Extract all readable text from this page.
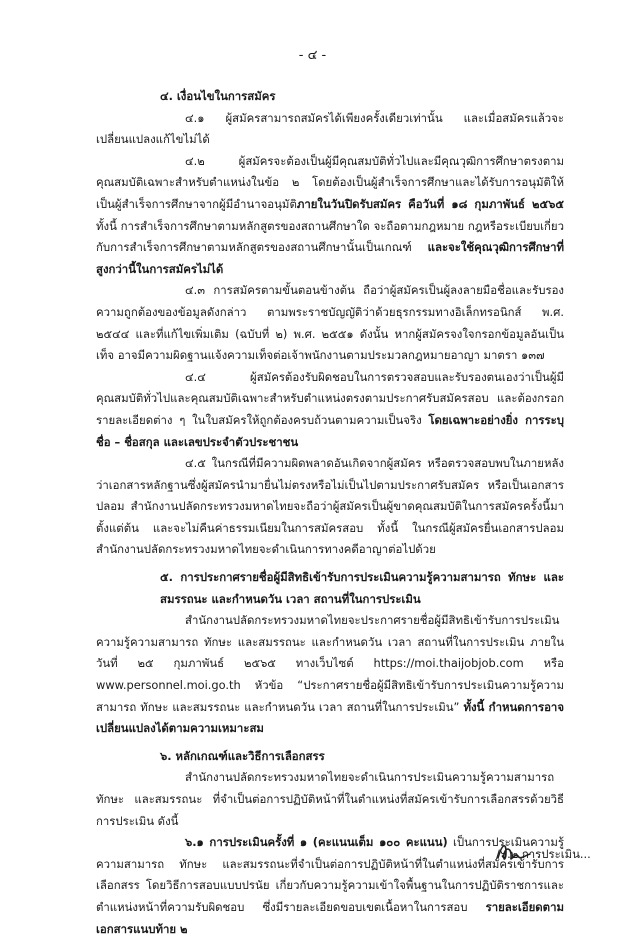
- ๔ -

๔. เงื่อนไขในการสมัคร

๔.๑ ผู้สมัครสามารถสมัครได้เพียงครั้งเดียวเท่านั้น และเมื่อสมัครแล้วจะเปลี่ยนแปลงแก้ไขไม่ได้

๔.๒ ผู้สมัครจะต้องเป็นผู้มีคุณสมบัติทั่วไปและมีคุณวุฒิการศึกษาตรงตามคุณสมบัติเฉพาะสำหรับตำแหน่งในข้อ ๒ โดยต้องเป็นผู้สำเร็จการศึกษาและได้รับการอนุมัติให้เป็นผู้สำเร็จการศึกษาจากผู้มีอำนาจอนุมัติภายในวันปิดรับสมัคร คือวันที่ ๑๘ กุมภาพันธ์ ๒๕๖๕ ทั้งนี้ การสำเร็จการศึกษาตามหลักสูตรของสถานศึกษาใด จะถือตามกฎหมาย กฎหรือระเบียบเกี่ยวกับการสำเร็จการศึกษาตามหลักสูตรของสถานศึกษานั้นเป็นเกณฑ์ และจะใช้คุณวุฒิการศึกษาที่สูงกว่านี้ในการสมัครไม่ได้

๔.๓ การสมัครตามขั้นตอนข้างต้น ถือว่าผู้สมัครเป็นผู้ลงลายมือชื่อและรับรองความถูกต้องของข้อมูลดังกล่าว ตามพระราชบัญญัติว่าด้วยธุรกรรมทางอิเล็กทรอนิกส์ พ.ศ. ๒๕๔๔ และที่แก้ไขเพิ่มเติม (ฉบับที่ ๒) พ.ศ. ๒๕๕๑ ดังนั้น หากผู้สมัครจงใจกรอกข้อมูลอันเป็นเท็จ อาจมีความผิดฐานแจ้งความเท็จต่อเจ้าพนักงานตามประมวลกฎหมายอาญา มาตรา ๑๓๗

๔.๔ ผู้สมัครต้องรับผิดชอบในการตรวจสอบและรับรองตนเองว่าเป็นผู้มีคุณสมบัติทั่วไปและคุณสมบัติเฉพาะสำหรับตำแหน่งตรงตามประกาศรับสมัครสอบ และต้องกรอกรายละเอียดต่าง ๆ ในใบสมัครให้ถูกต้องครบถ้วนตามความเป็นจริง โดยเฉพาะอย่างยิ่ง การระบุ ชื่อ – ชื่อสกุล และเลขประจำตัวประชาชน

๔.๕ ในกรณีที่มีความผิดพลาดอันเกิดจากผู้สมัคร หรือตรวจสอบพบในภายหลังว่าเอกสารหลักฐานซึ่งผู้สมัครนำมายื่นไม่ตรงหรือไม่เป็นไปตามประกาศรับสมัคร หรือเป็นเอกสารปลอม สำนักงานปลัดกระทรวงมหาดไทยจะถือว่าผู้สมัครเป็นผู้ขาดคุณสมบัติในการสมัครครั้งนี้มาตั้งแต่ต้น และจะไม่คืนค่าธรรมเนียมในการสมัครสอบ ทั้งนี้ ในกรณีผู้สมัครยื่นเอกสารปลอม สำนักงานปลัดกระทรวงมหาดไทยจะดำเนินการทางคดีอาญาต่อไปด้วย

๕. การประกาศรายชื่อผู้มีสิทธิเข้ารับการประเมินความรู้ความสามารถ ทักษะ และสมรรถนะ และกำหนดวัน เวลา สถานที่ในการประเมิน

สำนักงานปลัดกระทรวงมหาดไทยจะประกาศรายชื่อผู้มีสิทธิเข้ารับการประเมินความรู้ความสามารถ ทักษะ และสมรรถนะ และกำหนดวัน เวลา สถานที่ในการประเมิน ภายในวันที่ ๒๕ กุมภาพันธ์ ๒๕๖๕ ทางเว็บไซต์ https://moi.thaijobjob.com หรือ www.personnel.moi.go.th หัวข้อ “ประกาศรายชื่อผู้มีสิทธิเข้ารับการประเมินความรู้ความสามารถ ทักษะ และสมรรถนะ และกำหนดวัน เวลา สถานที่ในการประเมิน” ทั้งนี้ กำหนดการอาจเปลี่ยนแปลงได้ตามความเหมาะสม

๖. หลักเกณฑ์และวิธีการเลือกสรร

สำนักงานปลัดกระทรวงมหาดไทยจะดำเนินการประเมินความรู้ความสามารถ ทักษะ และสมรรถนะ ที่จำเป็นต่อการปฏิบัติหน้าที่ในตำแหน่งที่สมัครเข้ารับการเลือกสรรด้วยวิธีการประเมิน ดังนี้

๖.๑ การประเมินครั้งที่ ๑ (คะแนนเต็ม ๑๐๐ คะแนน) เป็นการประเมินความรู้ ความสามารถ ทักษะ และสมรรถนะที่จำเป็นต่อการปฏิบัติหน้าที่ในตำแหน่งที่สมัครเข้ารับการเลือกสรร โดยวิธีการสอบแบบปรนัย เกี่ยวกับความรู้ความเข้าใจพื้นฐานในการปฏิบัติราชการและตำแหน่งหน้าที่ความรับผิดชอบ ซึ่งมีรายละเอียดขอบเขตเนื้อหาในการสอบ รายละเอียดตามเอกสารแนบท้าย ๒

/๖.๒ การประเมิน...
